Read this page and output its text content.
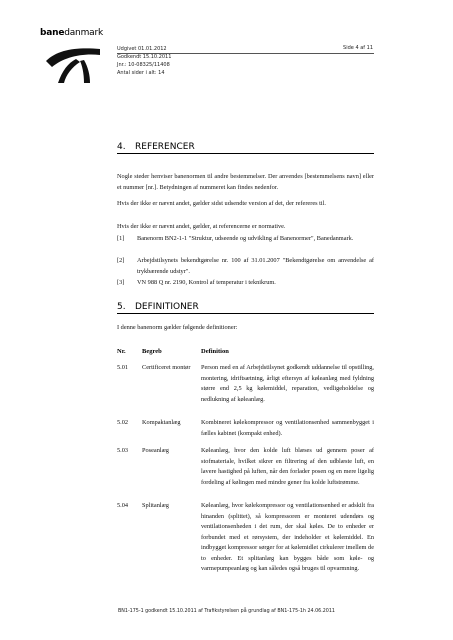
banedanmark
Udgivet 01.01.2012
Godkendt 15.10.2011
Jnr.: 10-08325/11408
Antal sider i alt: 14
Side 4 af 11
4. REFERENCER
Nogle steder henviser banenormen til andre bestemmelser. Der anvendes [bestemmelsens navn] eller et nummer [nr.]. Betydningen af nummeret kan findes nedenfor.
Hvis der ikke er nævnt andet, gælder sidst udsendte version af det, der refereres til.
Hvis der ikke er nævnt andet, gælder, at referencerne er normative.
[1]	Banenorm BN2-1-1 "Struktur, udseende og udvikling af Banenormer", Banedanmark.
[2]	Arbejdstilsynets bekendtgørelse nr. 100 af 31.01.2007 "Bekendtgørelse om anvendelse af trykbærende udstyr".
[3]	VN 988 Q nr. 2190, Kontrol af temperatur i teknikrum.
5. DEFINITIONER
I denne banenorm gælder følgende definitioner:
Nr.	Begreb	Definition
5.01 Certificeret montør	Person med en af Arbejdstilsynet godkendt uddannelse til opstilling, montering, idriftsætning, årligt eftersyn af køleanlæg med fyldning større end 2,5 kg kølemiddel, reparation, vedligeholdelse og nedlukning af køleanlæg.
5.02 Kompaktanlæg	Kombineret kølekompressor og ventilationsenhed sammenbygget i fælles kabinet (kompakt enhed).
5.03 Poseanlæg	Køleanlæg, hvor den kolde luft blæses ud gennem poser af stofmateriale, hvilket sikrer en filtrering af den udblæste luft, en lavere hastighed på luften, når den forlader posen og en mere ligelig fordeling af kølingen med mindre gener fra kolde luftstrømme.
5.04 Splitanlæg	Køleanlæg, hvor kølekompressor og ventilationsenhed er adskilt fra hinanden (splittet), så kompressoren er monteret udendørs og ventilationsenheden i det rum, der skal køles. De to enheder er forbundet med et rørsystem, der indeholder et kølemiddel. En indbygget kompressor sørger for at kølemidlet cirkulerer imellem de to enheder. Et splitanlæg kan bygges både som køle- og varmepumpeanlæg og kan således også bruges til opvarmning.
BN1-175-1 godkendt 15.10.2011 af Trafikstyrelsen på grundlag af BN1-175-1h 24.06.2011
